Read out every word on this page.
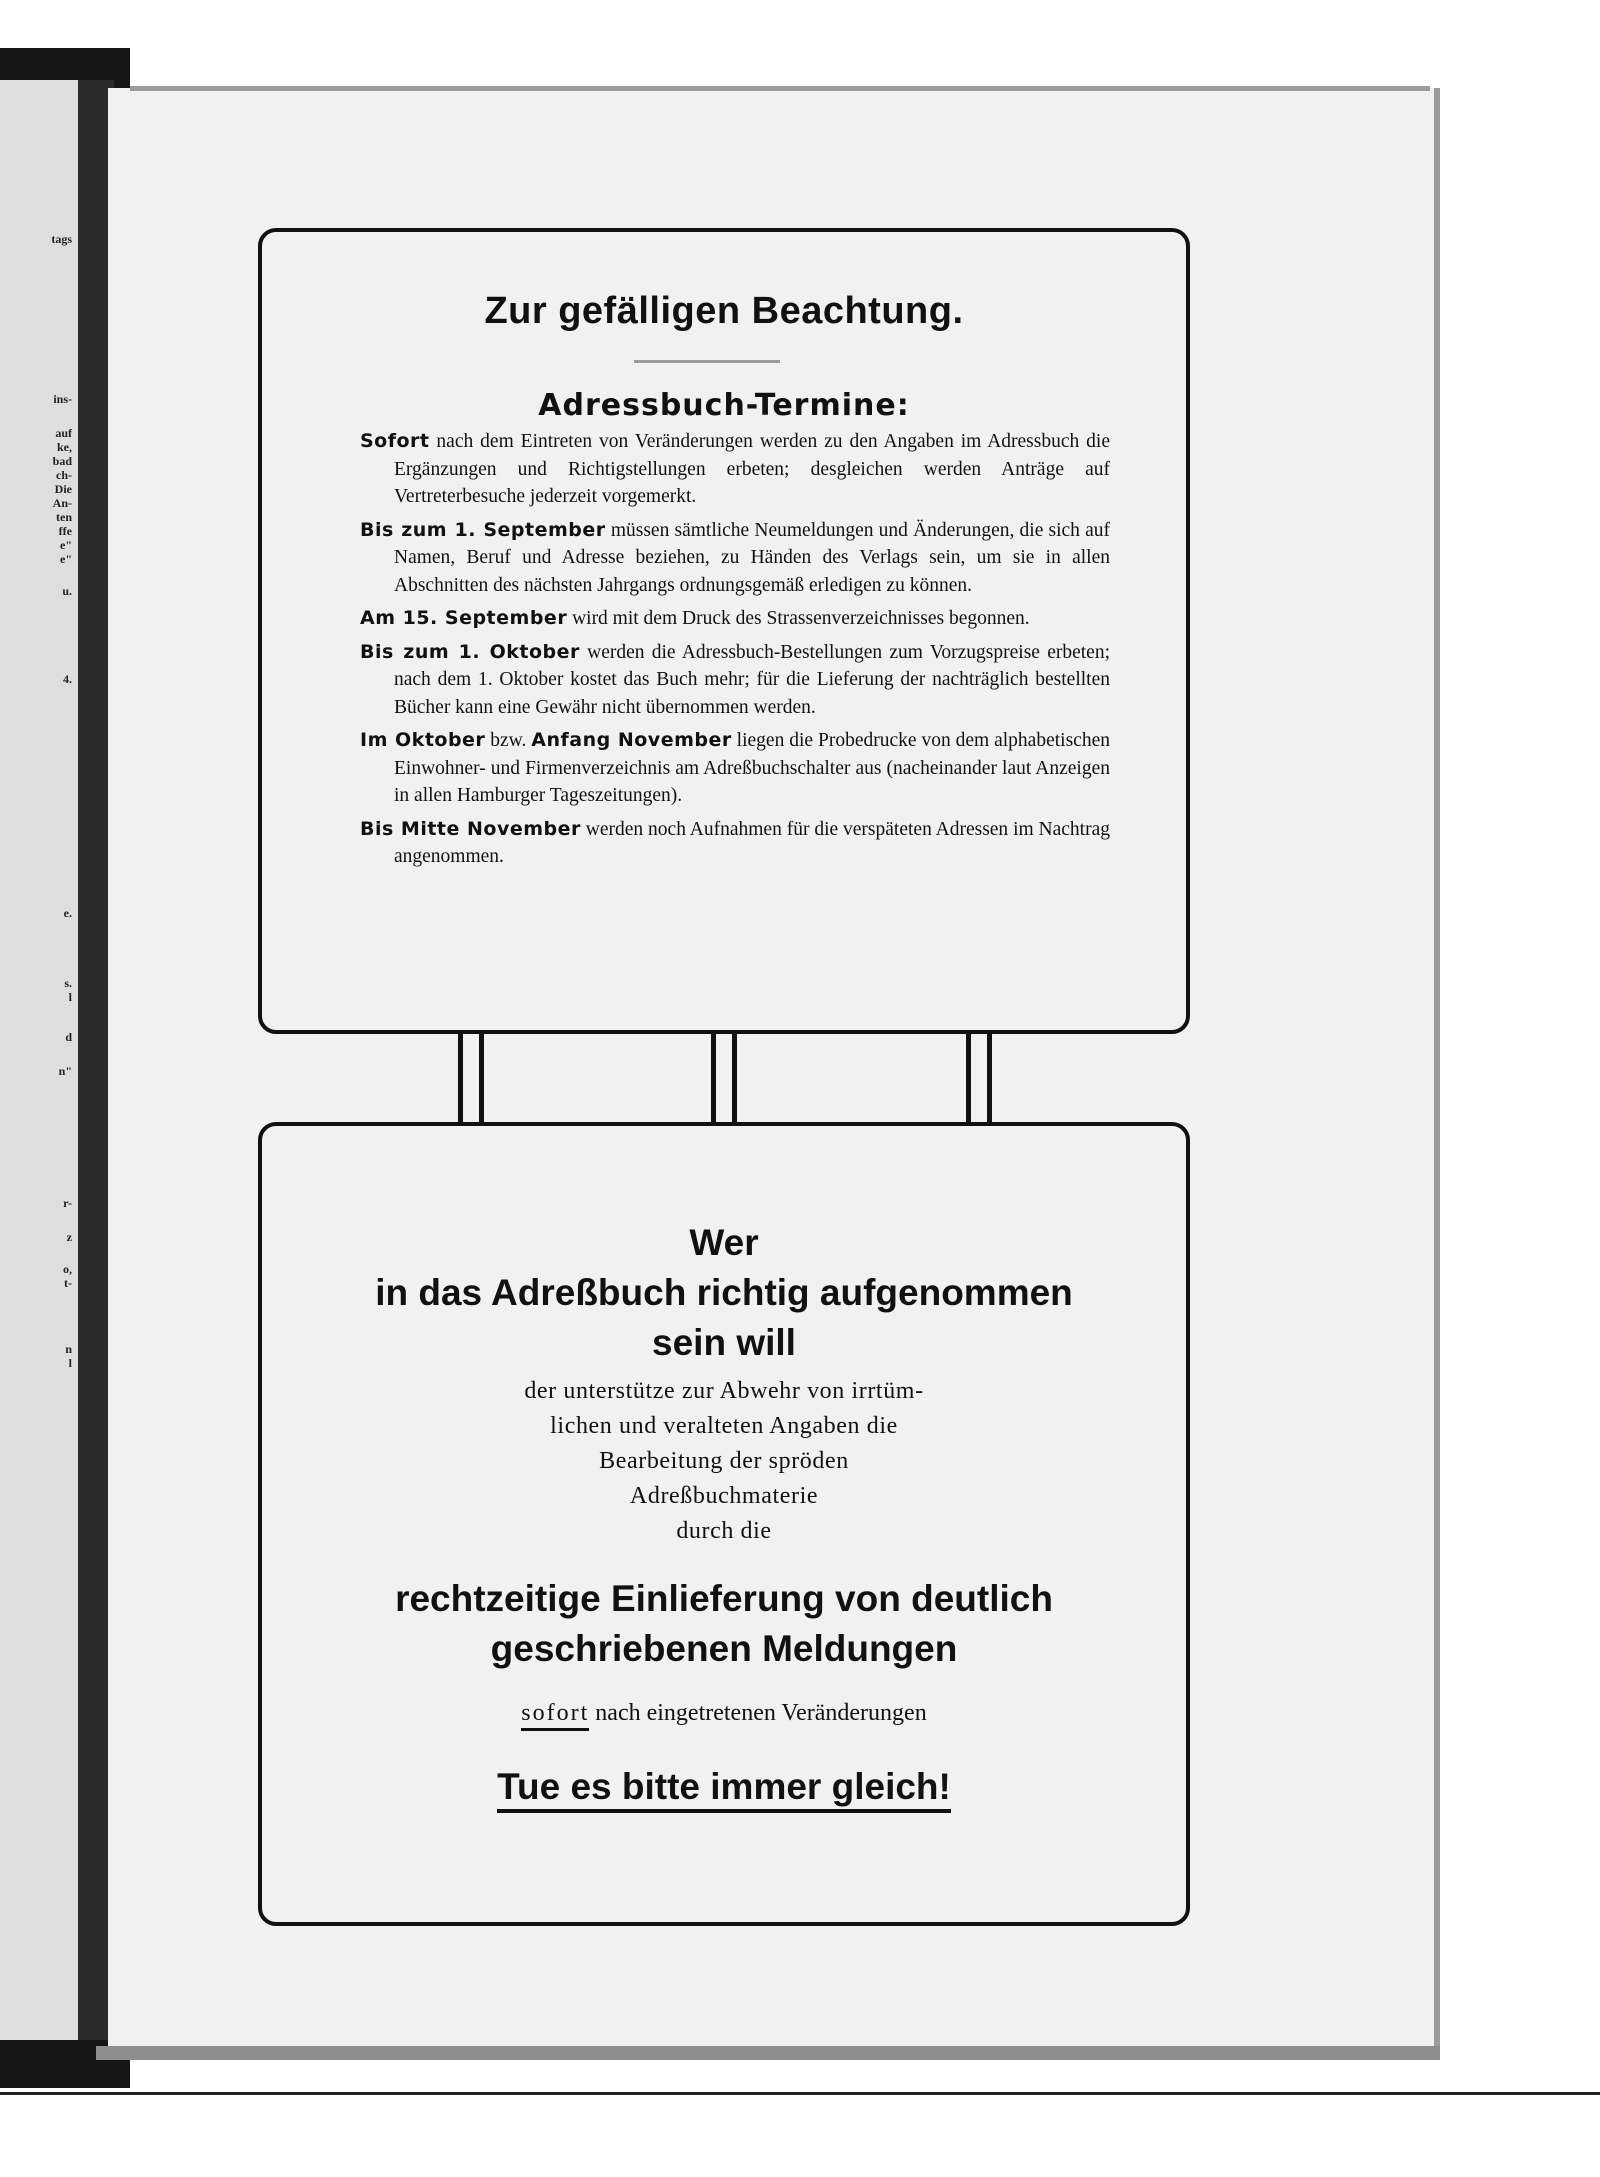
tags
ins-
auf
ke,
bad
ch-
Die
An-
ten
ffe
e"
e"
u.
4.
e.
s.
l
d
n"
r-
z
o,
t-
n
l
Zur gefälligen Beachtung.
Adressbuch-Termine:
Sofort nach dem Eintreten von Veränderungen werden zu den Angaben im Adressbuch die Ergänzungen und Richtigstellungen erbeten; desgleichen werden Anträge auf Vertreterbesuche jederzeit vorgemerkt.
Bis zum 1. September müssen sämtliche Neumeldungen und Änderungen, die sich auf Namen, Beruf und Adresse beziehen, zu Händen des Verlags sein, um sie in allen Abschnitten des nächsten Jahrgangs ordnungsgemäß erledigen zu können.
Am 15. September wird mit dem Druck des Strassenverzeichnisses begonnen.
Bis zum 1. Oktober werden die Adressbuch-Bestellungen zum Vorzugspreise erbeten; nach dem 1. Oktober kostet das Buch mehr; für die Lieferung der nachträglich bestellten Bücher kann eine Gewähr nicht übernommen werden.
Im Oktober bzw. Anfang November liegen die Probedrucke von dem alphabetischen Einwohner- und Firmenverzeichnis am Adreßbuchschalter aus (nacheinander laut Anzeigen in allen Hamburger Tageszeitungen).
Bis Mitte November werden noch Aufnahmen für die verspäteten Adressen im Nachtrag angenommen.
Wer
in das Adreßbuch richtig aufgenommen
sein will
der unterstütze zur Abwehr von irrtüm-
lichen und veralteten Angaben die
Bearbeitung der spröden
Adreßbuchmaterie
durch die
rechtzeitige Einlieferung von deutlich
geschriebenen Meldungen
sofort nach eingetretenen Veränderungen
Tue es bitte immer gleich!
